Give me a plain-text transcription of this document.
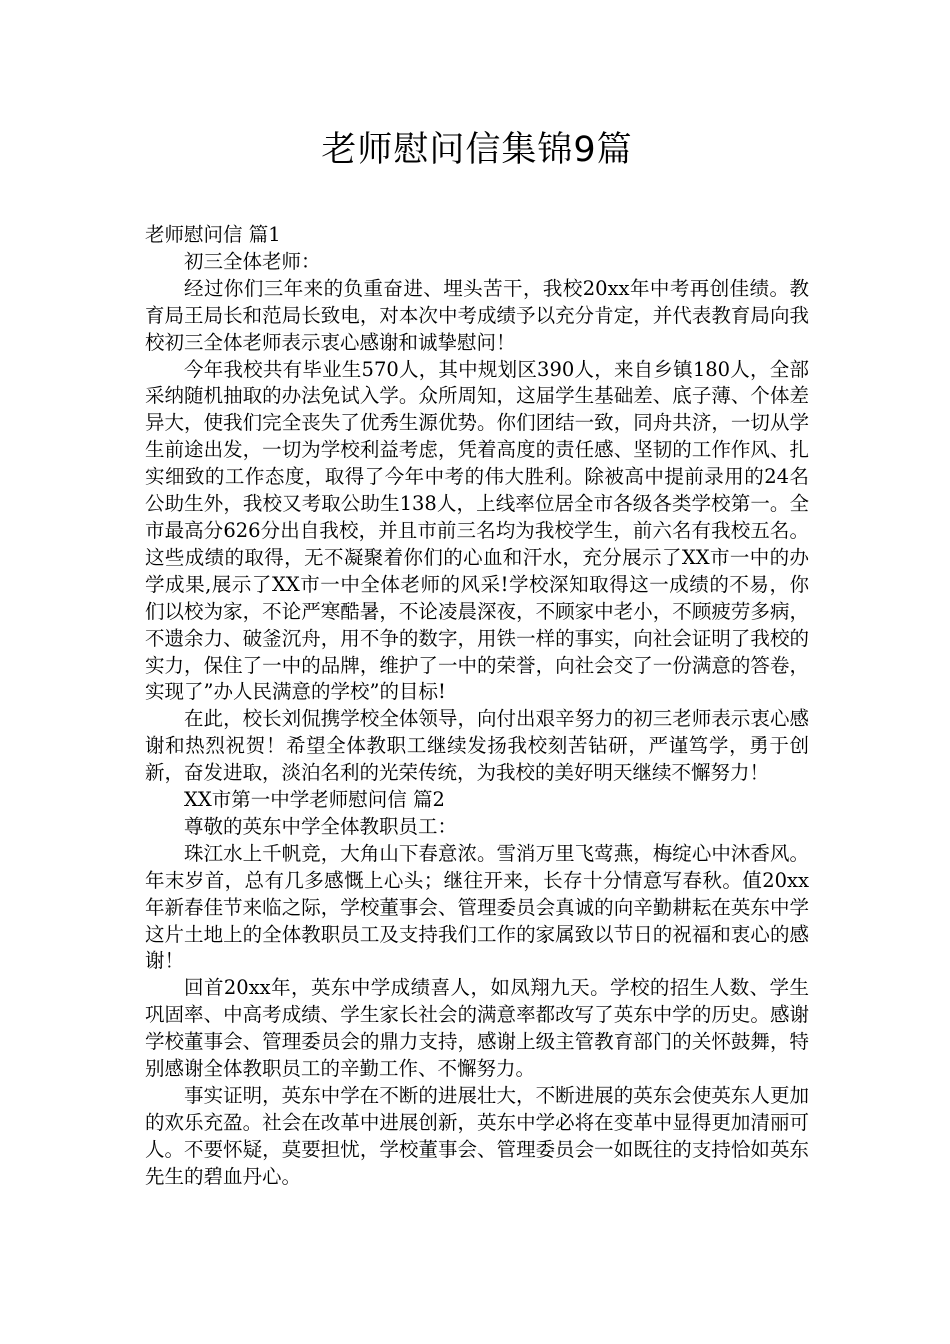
老师慰问信集锦9篇

老师慰问信 篇1

初三全体老师：

经过你们三年来的负重奋进、埋头苦干，我校20xx年中考再创佳绩。教育局王局长和范局长致电，对本次中考成绩予以充分肯定，并代表教育局向我校初三全体老师表示衷心感谢和诚挚慰问！

今年我校共有毕业生570人，其中规划区390人，来自乡镇180人，全部采纳随机抽取的办法免试入学。众所周知，这届学生基础差、底子薄、个体差异大，使我们完全丧失了优秀生源优势。你们团结一致，同舟共济，一切从学生前途出发，一切为学校利益考虑，凭着高度的责任感、坚韧的工作作风、扎实细致的工作态度，取得了今年中考的伟大胜利。除被高中提前录用的24名公助生外，我校又考取公助生138人，上线率位居全市各级各类学校第一。全市最高分626分出自我校，并且市前三名均为我校学生，前六名有我校五名。这些成绩的取得，无不凝聚着你们的心血和汗水，充分展示了XX市一中的办学成果,展示了XX市一中全体老师的风采!学校深知取得这一成绩的不易，你们以校为家，不论严寒酷暑，不论凌晨深夜，不顾家中老小，不顾疲劳多病，不遗余力、破釜沉舟，用不争的数字，用铁一样的事实，向社会证明了我校的实力，保住了一中的品牌，维护了一中的荣誉，向社会交了一份满意的答卷，实现了”办人民满意的学校”的目标!

在此，校长刘侃携学校全体领导，向付出艰辛努力的初三老师表示衷心感谢和热烈祝贺！希望全体教职工继续发扬我校刻苦钻研，严谨笃学，勇于创新，奋发进取，淡泊名利的光荣传统，为我校的美好明天继续不懈努力！

XX市第一中学老师慰问信 篇2

尊敬的英东中学全体教职员工：

珠江水上千帆竞，大角山下春意浓。雪消万里飞莺燕，梅绽心中沐香风。年末岁首，总有几多感慨上心头；继往开来，长存十分情意写春秋。值20xx年新春佳节来临之际，学校董事会、管理委员会真诚的向辛勤耕耘在英东中学这片土地上的全体教职员工及支持我们工作的家属致以节日的祝福和衷心的感谢！

回首20xx年，英东中学成绩喜人，如凤翔九天。学校的招生人数、学生巩固率、中高考成绩、学生家长社会的满意率都改写了英东中学的历史。感谢学校董事会、管理委员会的鼎力支持，感谢上级主管教育部门的关怀鼓舞，特别感谢全体教职员工的辛勤工作、不懈努力。

事实证明，英东中学在不断的进展壮大，不断进展的英东会使英东人更加的欢乐充盈。社会在改革中进展创新，英东中学必将在变革中显得更加清丽可人。不要怀疑，莫要担忧，学校董事会、管理委员会一如既往的支持恰如英东先生的碧血丹心。
